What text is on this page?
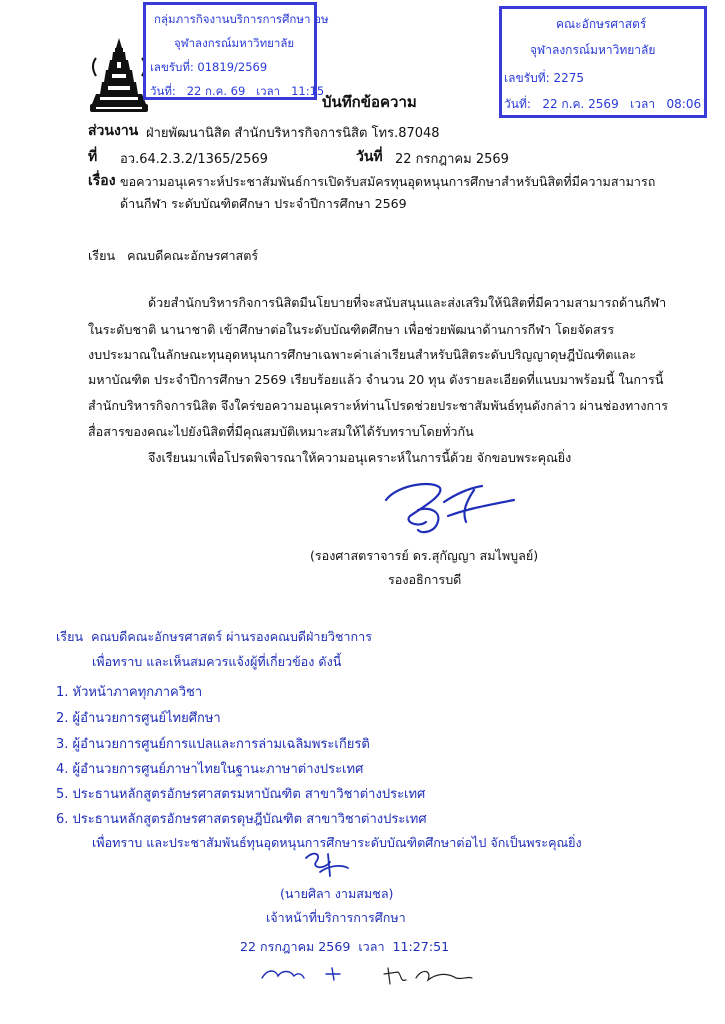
กลุ่มภารกิจงานบริการการศึกษา อษ
จุฬาลงกรณ์มหาวิทยาลัย
เลขรับที่: 01819/2569
วันที่:   22 ก.ค. 69   เวลา   11:15
คณะอักษรศาสตร์
จุฬาลงกรณ์มหาวิทยาลัย
เลขรับที่: 2275
วันที่:   22 ก.ค. 2569   เวลา   08:06
บันทึกข้อความ
ส่วนงาน ฝ่ายพัฒนานิสิต สำนักบริหารกิจการนิสิต โทร.87048
ที่ อว.64.2.3.2/1365/2569	วันที่ 22 กรกฎาคม 2569
เรื่อง ขอความอนุเคราะห์ประชาสัมพันธ์การเปิดรับสมัครทุนอุดหนุนการศึกษาสำหรับนิสิตที่มีความสามารถ
ด้านกีฬา ระดับบัณฑิตศึกษา ประจำปีการศึกษา 2569
เรียน   คณบดีคณะอักษรศาสตร์
ด้วยสำนักบริหารกิจการนิสิตมีนโยบายที่จะสนับสนุนและส่งเสริมให้นิสิตที่มีความสามารถด้านกีฬา
ในระดับชาติ นานาชาติ เข้าศึกษาต่อในระดับบัณฑิตศึกษา เพื่อช่วยพัฒนาด้านการกีฬา โดยจัดสรร
งบประมาณในลักษณะทุนอุดหนุนการศึกษาเฉพาะค่าเล่าเรียนสำหรับนิสิตระดับปริญญาดุษฎีบัณฑิตและ
มหาบัณฑิต ประจำปีการศึกษา 2569 เรียบร้อยแล้ว จำนวน 20 ทุน ดังรายละเอียดที่แนบมาพร้อมนี้ ในการนี้
สำนักบริหารกิจการนิสิต จึงใคร่ขอความอนุเคราะห์ท่านโปรดช่วยประชาสัมพันธ์ทุนดังกล่าว ผ่านช่องทางการ
สื่อสารของคณะไปยังนิสิตที่มีคุณสมบัติเหมาะสมให้ได้รับทราบโดยทั่วกัน
จึงเรียนมาเพื่อโปรดพิจารณาให้ความอนุเคราะห์ในการนี้ด้วย จักขอบพระคุณยิ่ง
(รองศาสตราจารย์ ดร.สุกัญญา สมไพบูลย์)
รองอธิการบดี
เรียน  คณบดีคณะอักษรศาสตร์ ผ่านรองคณบดีฝ่ายวิชาการ
เพื่อทราบ และเห็นสมควรแจ้งผู้ที่เกี่ยวข้อง ดังนี้
1. หัวหน้าภาคทุกภาควิชา
2. ผู้อำนวยการศูนย์ไทยศึกษา
3. ผู้อำนวยการศูนย์การแปลและการล่ามเฉลิมพระเกียรติ
4. ผู้อำนวยการศูนย์ภาษาไทยในฐานะภาษาต่างประเทศ
5. ประธานหลักสูตรอักษรศาสตรมหาบัณฑิต สาขาวิชาต่างประเทศ
6. ประธานหลักสูตรอักษรศาสตรดุษฎีบัณฑิต สาขาวิชาต่างประเทศ
เพื่อทราบ และประชาสัมพันธ์ทุนอุดหนุนการศึกษาระดับบัณฑิตศึกษาต่อไป จักเป็นพระคุณยิ่ง
(นายศิลา งามสมชล)
เจ้าหน้าที่บริการการศึกษา
22 กรกฎาคม 2569  เวลา  11:27:51
